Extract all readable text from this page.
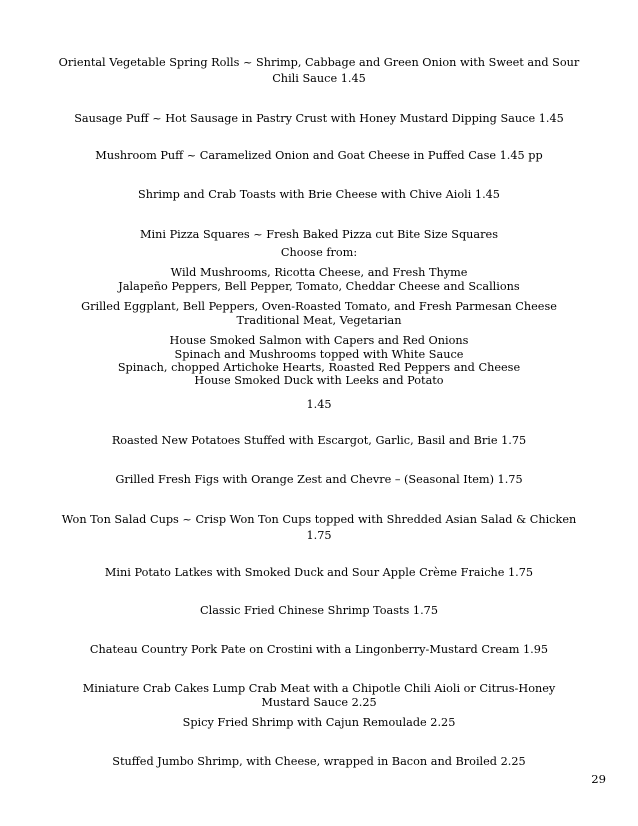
Oriental Vegetable Spring Rolls ~ Shrimp, Cabbage and Green Onion with Sweet and Sour
Chili Sauce 1.45
Sausage Puff ~ Hot Sausage in Pastry Crust with Honey Mustard Dipping Sauce 1.45
Mushroom Puff ~ Caramelized Onion and Goat Cheese in Puffed Case 1.45 pp
Shrimp and Crab Toasts with Brie Cheese with Chive Aioli 1.45
Mini Pizza Squares ~ Fresh Baked Pizza cut Bite Size Squares
Choose from:
Wild Mushrooms, Ricotta Cheese, and Fresh Thyme
Jalapeño Peppers, Bell Pepper, Tomato, Cheddar Cheese and Scallions
Grilled Eggplant, Bell Peppers, Oven-Roasted Tomato, and Fresh Parmesan Cheese
Traditional Meat, Vegetarian
House Smoked Salmon with Capers and Red Onions
Spinach and Mushrooms topped with White Sauce
Spinach, chopped Artichoke Hearts, Roasted Red Peppers and Cheese
House Smoked Duck with Leeks and Potato
1.45
Roasted New Potatoes Stuffed with Escargot, Garlic, Basil and Brie 1.75
Grilled Fresh Figs with Orange Zest and Chevre – (Seasonal Item) 1.75
Won Ton Salad Cups ~ Crisp Won Ton Cups topped with Shredded Asian Salad & Chicken
1.75
Mini Potato Latkes with Smoked Duck and Sour Apple Crème Fraiche 1.75
Classic Fried Chinese Shrimp Toasts 1.75
Chateau Country Pork Pate on Crostini with a Lingonberry-Mustard Cream 1.95
Miniature Crab Cakes Lump Crab Meat with a Chipotle Chili Aioli or Citrus-Honey
Mustard Sauce 2.25
Spicy Fried Shrimp with Cajun Remoulade 2.25
Stuffed Jumbo Shrimp, with Cheese, wrapped in Bacon and Broiled 2.25
29
